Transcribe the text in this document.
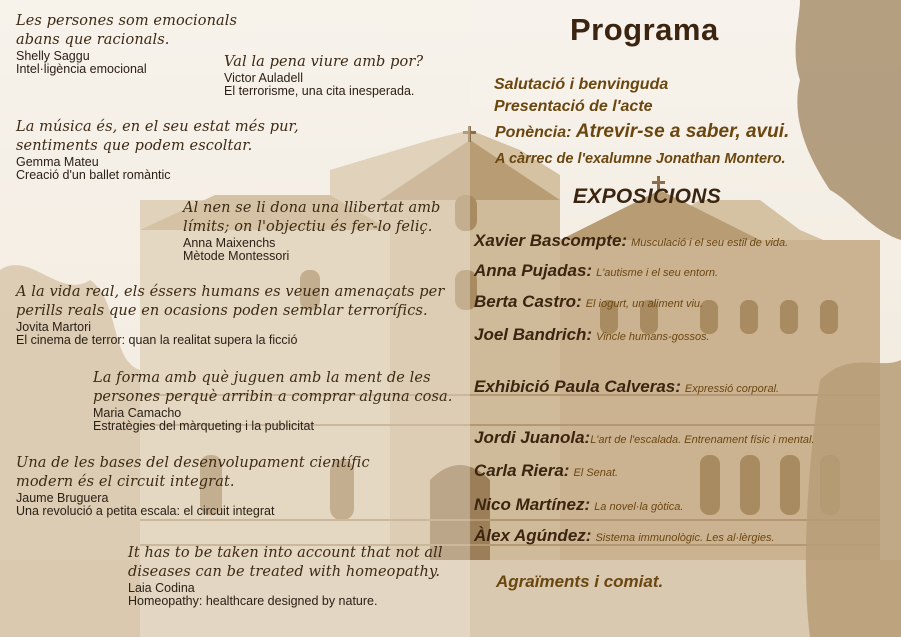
Les persones som emocionals
abans que racionals.
Shelly Saggu
Intel·ligència emocional	Val la pena viure amb por?
Victor Auladell
El terrorisme, una cita inesperada.
La música és, en el seu estat més pur,
sentiments que podem escoltar.
Gemma Mateu
Creació d'un ballet romàntic
Al nen se li dona una llibertat amb
límits; on l'objectiu és fer-lo feliç.
Anna Maixenchs
Mètode Montessori
A la vida real, els éssers humans es veuen amenaçats per
perills reals que en ocasions poden semblar terrorífics.
Jovita Martori
El cinema de terror: quan la realitat supera la ficció
La forma amb què juguen amb la ment de les
persones perquè arribin a comprar alguna cosa.
Maria Camacho
Estratègies del màrqueting i la publicitat
Una de les bases del desenvolupament científic
modern és el circuit integrat.
Jaume Bruguera
Una revolució a petita escala: el circuit integrat
It has to be taken into account that not all
diseases can be treated with homeopathy.
Laia Codina
Homeopathy: healthcare designed by nature.
Programa
Salutació i benvinguda
Presentació de l'acte
Ponència: Atrevir-se a saber, avui.
A càrrec de l'exalumne Jonathan Montero.
EXPOSICIONS
Xavier Bascompte: Musculació i el seu estil de vida.
Anna Pujadas: L'autisme i el seu entorn.
Berta Castro: El iogurt, un aliment viu.
Joel Bandrich: Vincle humans-gossos.
Exhibició Paula Calveras: Expressió corporal.
Jordi Juanola:L'art de l'escalada. Entrenament físic i mental.
Carla Riera: El Senat.
Nico Martínez: La novel·la gòtica.
Àlex Agúndez: Sistema immunològic. Les al·lèrgies.
Agraïments i comiat.
